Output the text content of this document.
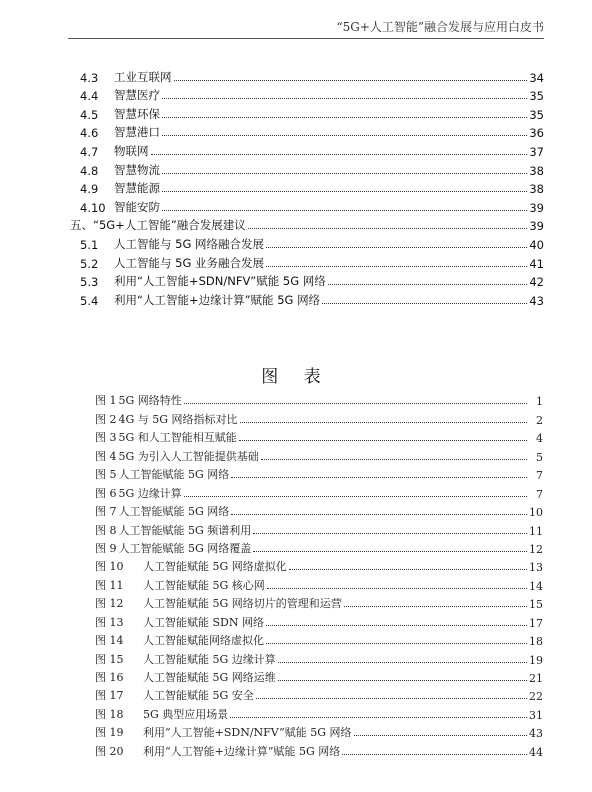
“5G+人工智能”融合发展与应用白皮书
4.3	工业互联网	34
4.4	智慧医疗	35
4.5	智慧环保	35
4.6	智慧港口	36
4.7	物联网	37
4.8	智慧物流	38
4.9	智慧能源	38
4.10 智能安防	39
五、“5G+人工智能”融合发展建议	39
5.1	人工智能与 5G 网络融合发展	40
5.2	人工智能与 5G 业务融合发展	41
5.3	利用“人工智能+SDN/NFV”赋能 5G 网络	42
5.4	利用“人工智能+边缘计算”赋能 5G 网络	43
图 表
图 1 5G 网络特性	1
图 2 4G 与 5G 网络指标对比	2
图 3 5G 和人工智能相互赋能	4
图 4 5G 为引入人工智能提供基础	5
图 5 人工智能赋能 5G 网络	7
图 6 5G 边缘计算	7
图 7 人工智能赋能 5G 网络	10
图 8 人工智能赋能 5G 频谱利用	11
图 9 人工智能赋能 5G 网络覆盖	12
图 10	人工智能赋能 5G 网络虚拟化	13
图 11	人工智能赋能 5G 核心网	14
图 12	人工智能赋能 5G 网络切片的管理和运营	15
图 13	人工智能赋能 SDN 网络	17
图 14	人工智能赋能网络虚拟化	18
图 15	人工智能赋能 5G 边缘计算	19
图 16	人工智能赋能 5G 网络运维	21
图 17	人工智能赋能 5G 安全	22
图 18	5G 典型应用场景	31
图 19	利用“人工智能+SDN/NFV”赋能 5G 网络	43
图 20	利用“人工智能+边缘计算”赋能 5G 网络	44
